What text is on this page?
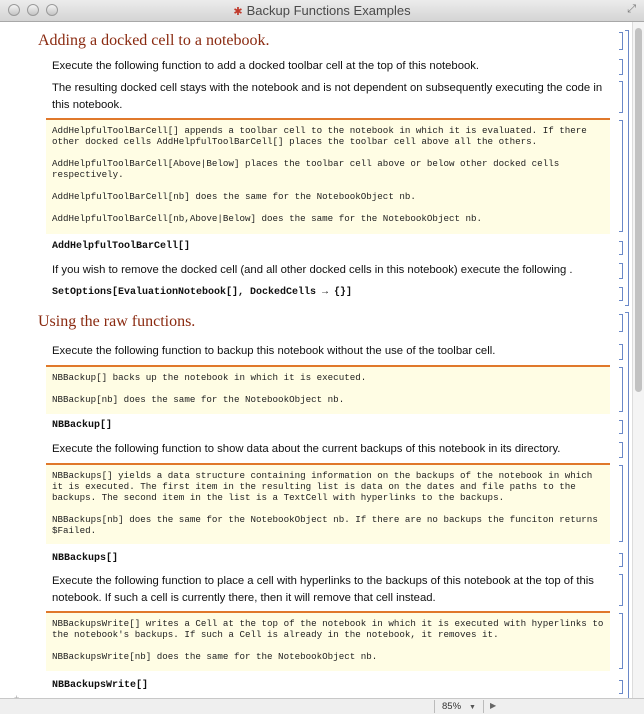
✱ Backup Functions Examples	⤢
Adding a docked cell to a notebook.
Execute the following function to add a docked toolbar cell at the top of this notebook.
The resulting docked cell stays with the notebook and is not dependent on subsequently executing the code in this notebook.

AddHelpfulToolBarCell[] appends a toolbar cell to the notebook in which it is evaluated. If there other docked cells AddHelpfulToolBarCell[] places the toolbar cell above all the others.

AddHelpfulToolBarCell[Above|Below] places the toolbar cell above or below other docked cells respectively.

AddHelpfulToolBarCell[nb] does the same for the NotebookObject nb.

AddHelpfulToolBarCell[nb,Above|Below] does the same for the NotebookObject nb.

AddHelpfulToolBarCell[]
If you wish to remove the docked cell (and all other docked cells in this notebook) execute the following .
SetOptions[EvaluationNotebook[], DockedCells → {}]
Using the raw functions.
Execute the following function to backup this notebook without the use of the toolbar cell.

NBBackup[] backs up the notebook in which it is executed.

NBBackup[nb] does the same for the NotebookObject nb.

NBBackup[]
Execute the following function to show data about the current backups of this notebook in its directory.

NBBackups[] yields a data structure containing information on the backups of the notebook in which it is executed. The first item in the resulting list is data on the dates and file paths to the backups. The second item in the list is a TextCell with hyperlinks to the backups.

NBBackups[nb] does the same for the NotebookObject nb. If there are no backups the funciton returns $Failed.

NBBackups[]
Execute the following function to place a cell with hyperlinks to the backups of this notebook at the top of this notebook. If such a cell is currently there, then it will remove that cell instead.

NBBackupsWrite[] writes a Cell at the top of the notebook in which it is executed with hyperlinks to the notebook's backups. If such a Cell is already in the notebook, it removes it.

NBBackupsWrite[nb] does the same for the NotebookObject nb.

NBBackupsWrite[]
85% ▼	▶
